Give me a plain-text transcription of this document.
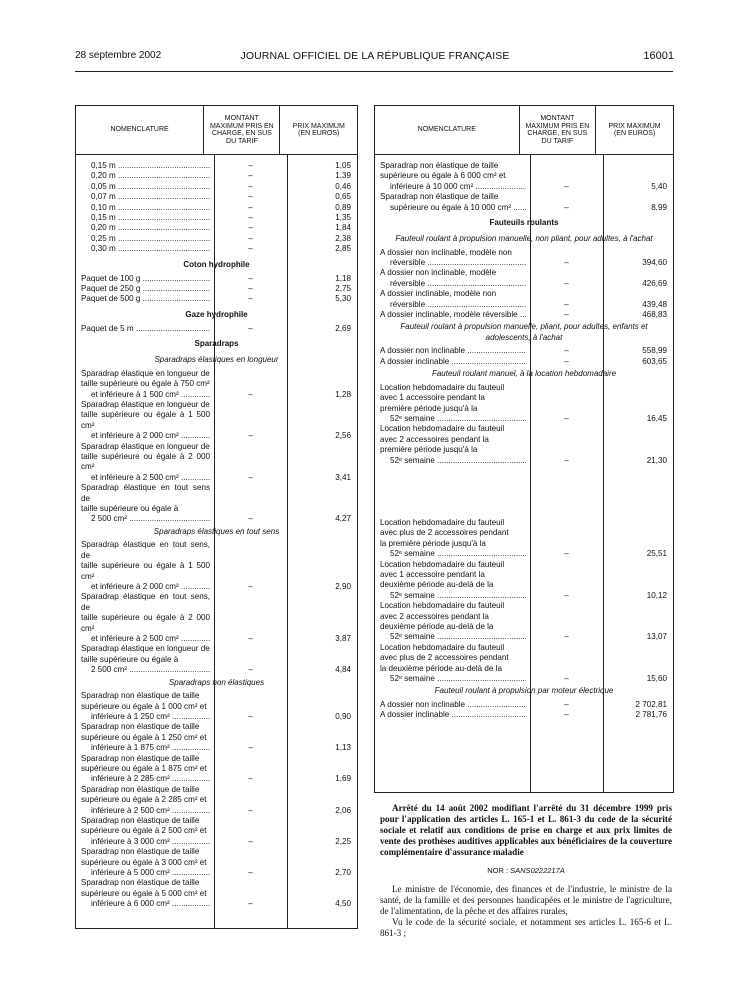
28 septembre 2002	JOURNAL OFFICIEL DE LA RÉPUBLIQUE FRANÇAISE	16001
NOMENCLATURE
MONTANT MAXIMUM PRIS EN CHARGE, EN SUS DU TARIF
PRIX MAXIMUM (EN EUROS)
0,15 m .....	–	1,05
0,20 m .....	–	1,39
0,05 m .....	–	0,46
0,07 m .....	–	0,65
0,10 m .....	–	0,89
0,15 m .....	–	1,35
0,20 m .....	–	1,84
0,25 m .....	–	2,38
0,30 m .....	–	2,85
Coton hydrophile
Paquet de 100 g .....	–	1,18
Paquet de 250 g .....	–	2,75
Paquet de 500 g .....	–	5,30
Gaze hydrophile
Paquet de 5 m .....	–	2,69
Sparadraps
Sparadraps élastiques en longueur
Sparadrap élastique en longueur de
taille supérieure ou égale à 750 cm²
et inférieure à 1 500 cm² .....	–	1,28
Sparadrap élastique en longueur de
taille supérieure ou égale à 1 500 cm²
et inférieure à 2 000 cm² .....	–	2,56
Sparadrap élastique en longueur de
taille supérieure ou égale à 2 000 cm²
et inférieure à 2 500 cm² .....	–	3,41
Sparadrap élastique en tout sens de
taille supérieure ou égale à
2 500 cm² .....	–	4,27
Sparadraps élastiques en tout sens
Sparadrap élastique en tout sens, de
taille supérieure ou égale à 1 500 cm²
et inférieure à 2 000 cm² .....	–	2,90
Sparadrap élastique en tout sens, de
taille supérieure ou égale à 2 000 cm²
et inférieure à 2 500 cm² .....	–	3,87
Sparadrap élastique en longueur de
taille supérieure ou égale à
2 500 cm² .....	–	4,84
Sparadraps non élastiques
Sparadrap non élastique de taille
supérieure ou égale à 1 000 cm² et
inférieure à 1 250 cm² .....	–	0,90
Sparadrap non élastique de taille
supérieure ou égale à 1 250 cm² et
inférieure à 1 875 cm² .....	–	1,13
Sparadrap non élastique de taille
supérieure ou égale à 1 875 cm² et
inférieure à 2 285 cm² .....	–	1,69
Sparadrap non élastique de taille
supérieure ou égale à 2 285 cm² et
inférieure à 2 500 cm² .....	–	2,06
Sparadrap non élastique de taille
supérieure ou égale à 2 500 cm² et
inférieure à 3 000 cm² .....	–	2,25
Sparadrap non élastique de taille
supérieure ou égale à 3 000 cm² et
inférieure à 5 000 cm² .....	–	2,70
Sparadrap non élastique de taille
supérieure ou égale à 5 000 cm² et
inférieure à 6 000 cm² .....	–	4,50
NOMENCLATURE
MONTANT MAXIMUM PRIS EN CHARGE, EN SUS DU TARIF
PRIX MAXIMUM (EN EUROS)
Sparadrap non élastique de taille
supérieure ou égale à 6 000 cm² et
inférieure à 10 000 cm² .....	–	5,40
Sparadrap non élastique de taille
supérieure ou égale à 10 000 cm² .....	–	8,99
Fauteuils roulants
Fauteuil roulant à propulsion manuelle, non pliant, pour adultes, à l'achat
A dossier non inclinable, modèle non
réversible .....	–	394,60
A dossier non inclinable, modèle
réversible .....	–	426,69
A dossier inclinable, modèle non
réversible .....	–	439,48
A dossier inclinable, modèle réversible .....	–	468,83
Fauteuil roulant à propulsion manuelle, pliant, pour adultes, enfants et adolescents, à l'achat
A dossier non inclinable .....	–	558,99
A dossier inclinable .....	–	603,65
Fauteuil roulant manuel, à la location hebdomadaire
Location hebdomadaire du fauteuil
avec 1 accessoire pendant la
première période jusqu'à la
52ᵉ semaine .....	–	16,45
Location hebdomadaire du fauteuil
avec 2 accessoires pendant la
première période jusqu'à la
52ᵉ semaine .....	–	21,30
Location hebdomadaire du fauteuil
avec plus de 2 accessoires pendant
la première période jusqu'à la
52ᵉ semaine .....	–	25,51
Location hebdomadaire du fauteuil
avec 1 accessoire pendant la
deuxième période au-delà de la
52ᵉ semaine .....	–	10,12
Location hebdomadaire du fauteuil
avec 2 accessoires pendant la
deuxième période au-delà de la
52ᵉ semaine .....	–	13,07
Location hebdomadaire du fauteuil
avec plus de 2 accessoires pendant
la deuxième période au-delà de la
52ᵉ semaine .....	–	15,60
Fauteuil roulant à propulsion par moteur électrique
A dossier non inclinable .....	–	2 702,81
A dossier inclinable .....	–	2 781,76

Arrêté du 14 août 2002 modifiant l'arrêté du 31 décembre 1999 pris pour l'application des articles L. 165-1 et L. 861-3 du code de la sécurité sociale et relatif aux conditions de prise en charge et aux prix limites de vente des prothèses auditives applicables aux bénéficiaires de la couverture complémentaire d'assurance maladie

NOR : SANS0222217A

Le ministre de l'économie, des finances et de l'industrie, le ministre de la santé, de la famille et des personnes handicapées et le ministre de l'agriculture, de l'alimentation, de la pêche et des affaires rurales,

Vu le code de la sécurité sociale, et notamment ses articles L. 165-6 et L. 861-3 ;
